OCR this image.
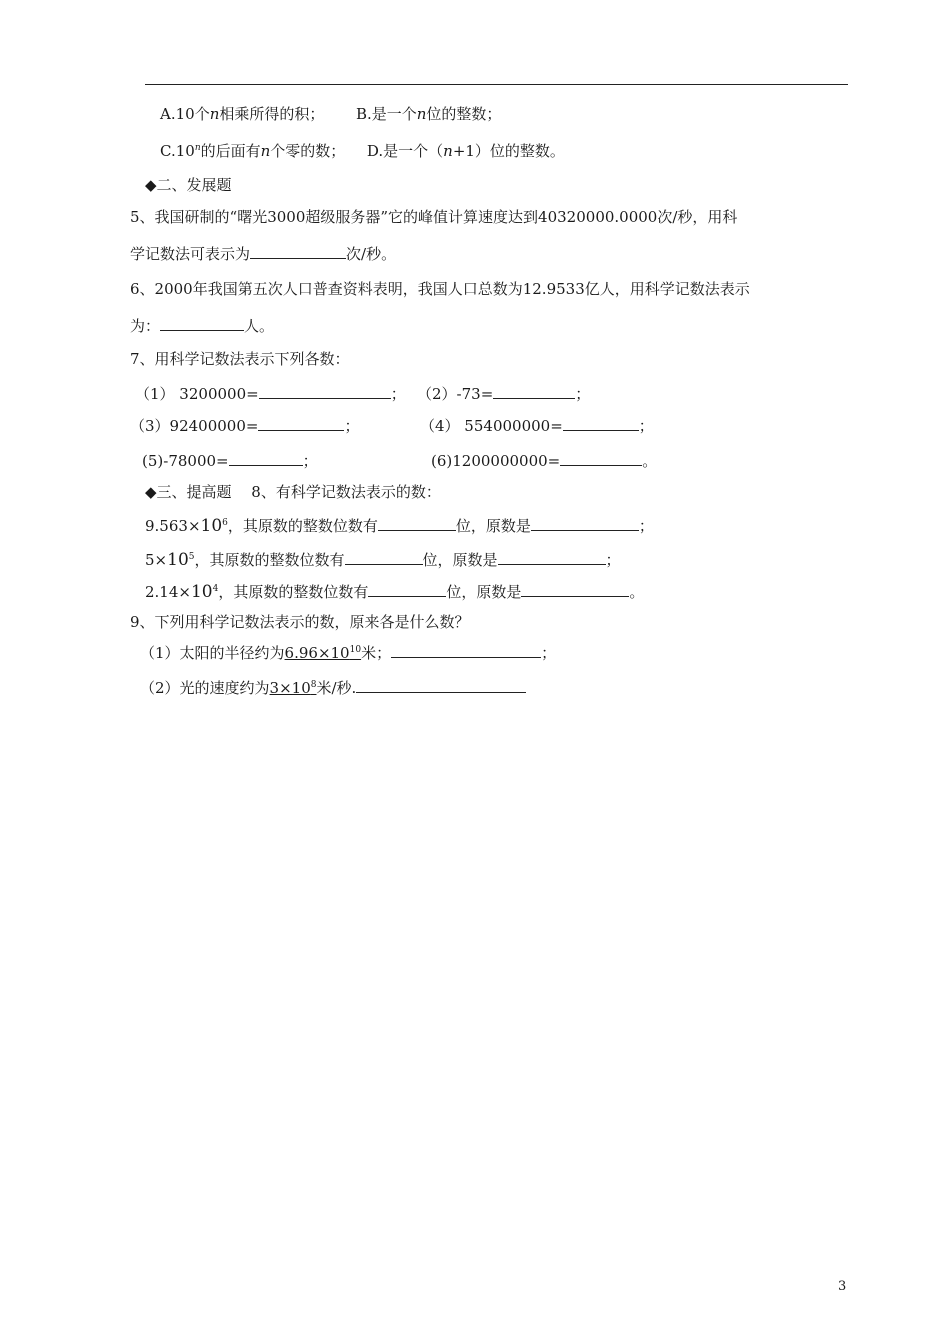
A.10个n相乘所得的积； B.是一个n位的整数；
C.10$^n$的后面有n个零的数； D.是一个（n+1）位的整数。
◆二、发展题
5、我国研制的“曙光3000超级服务器”它的峰值计算速度达到40320000.0000次/秒，用科
学记数法可表示为	次/秒。
6、2000年我国第五次人口普查资料表明，我国人口总数为12.9533亿人，用科学记数法表示
为：	人。
7、用科学记数法表示下列各数：
（1） 3200000=	； （2）-73=	；
（3）92400000=	；	（4） 554000000=	；
(5)-78000=	；	(6)1200000000=	。
◆三、提高题　 8、有科学记数法表示的数：
$9.563\times 10^6$，其原数的整数位数有	位，原数是	；
$5\times 10^5$，其原数的整数位数有	位，原数是	；
$2.14\times 10^4$，其原数的整数位数有	位，原数是	。
9、下列用科学记数法表示的数，原来各是什么数？
（1）太阳的半径约为$6.96\times 10^{10}$米；	；
（2）光的速度约为$3\times 10^8$米/秒.
3
